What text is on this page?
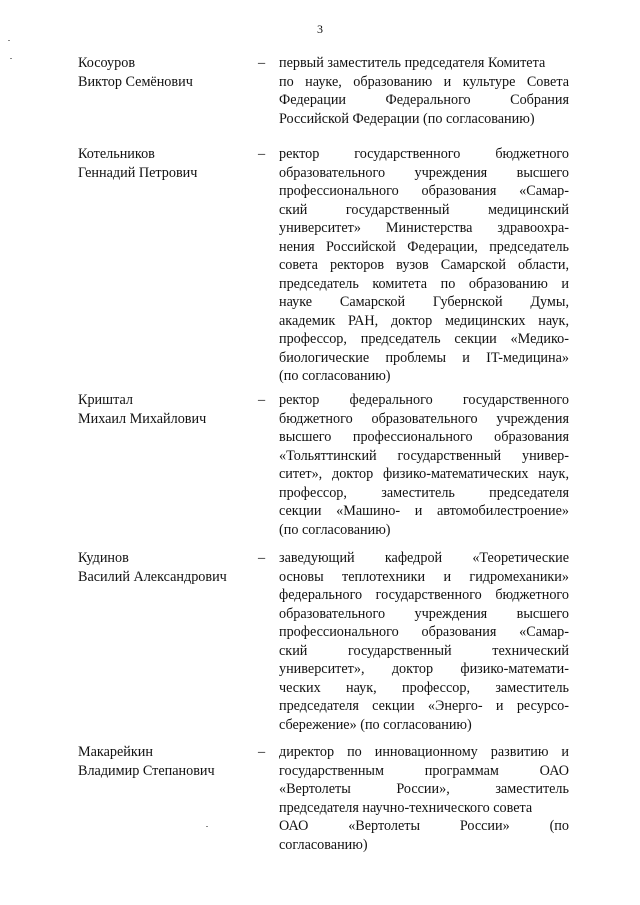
3
Косоуров
Виктор Семёнович
– первый заместитель председателя Комитета
по науке, образованию и культуре Совета
Федерации Федерального Собрания
Российской Федерации (по согласованию)
Котельников
Геннадий Петрович
– ректор государственного бюджетного
образовательного учреждения высшего
профессионального образования «Самар-
ский государственный медицинский
университет» Министерства здравоохра-
нения Российской Федерации, председатель
совета ректоров вузов Самарской области,
председатель комитета по образованию и
науке Самарской Губернской Думы,
академик РАН, доктор медицинских наук,
профессор, председатель секции «Медико-
биологические проблемы и IT-медицина»
(по согласованию)
Криштал
Михаил Михайлович
– ректор федерального государственного
бюджетного образовательного учреждения
высшего профессионального образования
«Тольяттинский государственный универ-
ситет», доктор физико-математических наук,
профессор, заместитель председателя
секции «Машино- и автомобилестроение»
(по согласованию)
Кудинов
Василий Александрович
– заведующий кафедрой «Теоретические
основы теплотехники и гидромеханики»
федерального государственного бюджетного
образовательного учреждения высшего
профессионального образования «Самар-
ский государственный технический
университет», доктор физико-математи-
ческих наук, профессор, заместитель
председателя секции «Энерго- и ресурсо-
сбережение» (по согласованию)
Макарейкин
Владимир Степанович
– директор по инновационному развитию и
государственным программам ОАО
«Вертолеты России», заместитель
председателя научно-технического совета
ОАО «Вертолеты России» (по
согласованию)
